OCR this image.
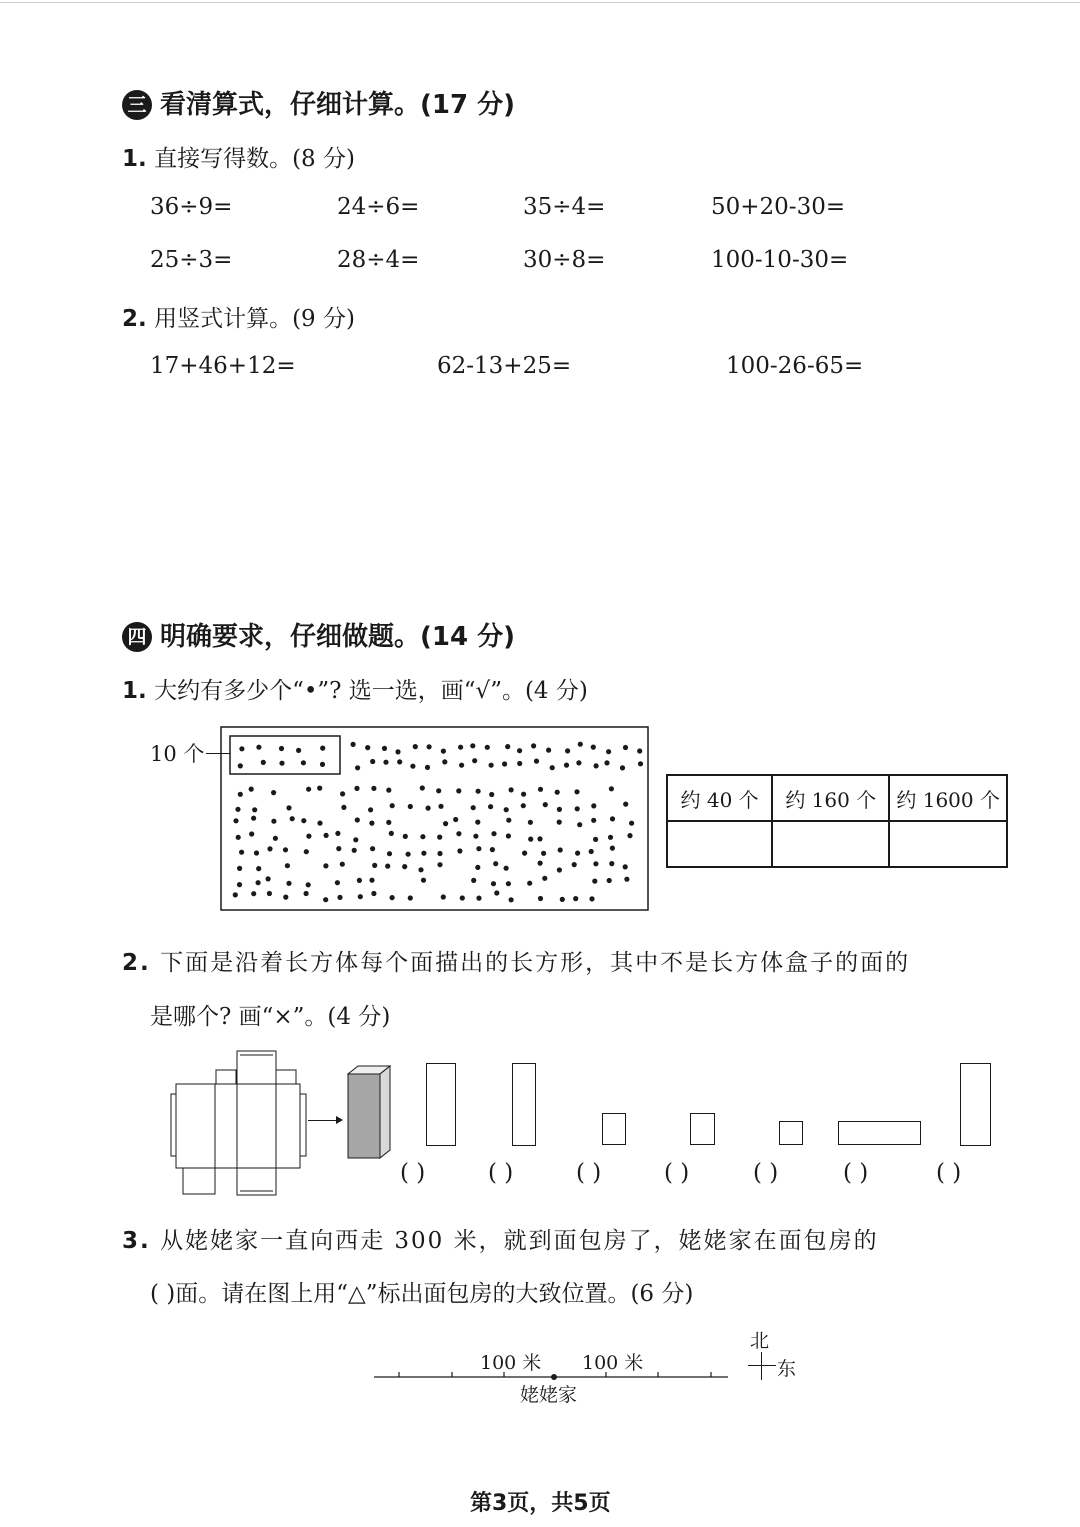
三 看清算式，仔细计算。(17 分)
1. 直接写得数。(8 分)
36÷9=	24÷6=	35÷4=	50+20-30=
25÷3=	28÷4=	30÷8=	100-10-30=
2. 用竖式计算。(9 分)
17+46+12=	62-13+25=	100-26-65=
四 明确要求，仔细做题。(14 分)
1. 大约有多少个“•”? 选一选，画“√”。(4 分)
10 个
约 40 个	约 160 个	约 1600 个

2. 下面是沿着长方体每个面描出的长方形，其中不是长方体盒子的面的
是哪个? 画“×”。(4 分)
( )	( )	( )	( )	( )	( )	( )
3. 从姥姥家一直向西走 300 米，就到面包房了，姥姥家在面包房的
( )面。请在图上用“△”标出面包房的大致位置。(6 分)
100 米 100 米
姥姥家
北
东
第3页，共5页
